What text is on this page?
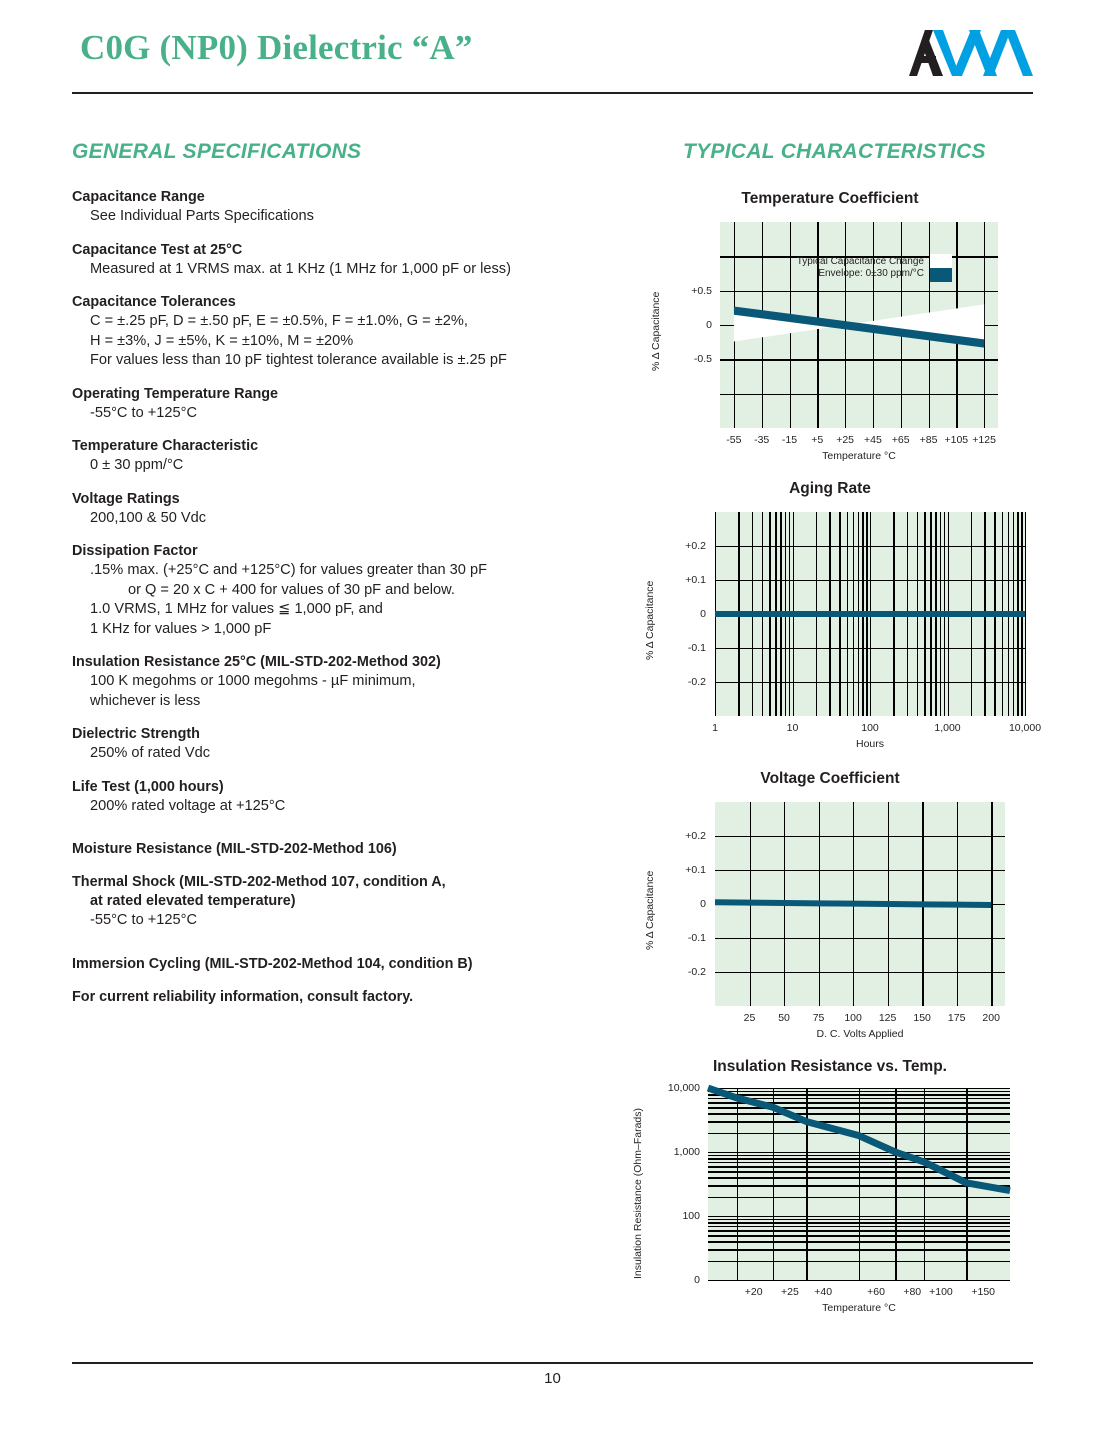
C0G (NP0) Dielectric “A”
GENERAL SPECIFICATIONS	TYPICAL CHARACTERISTICS
Capacitance Range
See Individual Parts Specifications
Capacitance Test at 25°C
Measured at 1 VRMS max. at 1 KHz (1 MHz for 1,000 pF or less)
Capacitance Tolerances
C = ±.25 pF, D = ±.50 pF, E = ±0.5%, F = ±1.0%, G = ±2%,
H = ±3%, J = ±5%, K = ±10%, M = ±20%
For values less than 10 pF tightest tolerance available is ±.25 pF
Operating Temperature Range
-55°C to +125°C
Temperature Characteristic
0 ± 30 ppm/°C
Voltage Ratings
200,100 & 50 Vdc
Dissipation Factor
.15% max. (+25°C and +125°C) for values greater than 30 pF
or Q = 20 x C + 400 for values of 30 pF and below.
1.0 VRMS, 1 MHz for values ≦ 1,000 pF, and
1 KHz for values > 1,000 pF
Insulation Resistance 25°C (MIL-STD-202-Method 302)
100 K megohms or 1000 megohms - µF minimum,
whichever is less
Dielectric Strength
250% of rated Vdc
Life Test (1,000 hours)
200% rated voltage at +125°C
Moisture Resistance (MIL-STD-202-Method 106)
Thermal Shock (MIL-STD-202-Method 107, condition A,
at rated elevated temperature)
-55°C to +125°C
Immersion Cycling (MIL-STD-202-Method 104, condition B)
For current reliability information, consult factory.
Temperature Coefficient
% Δ Capacitance
Temperature °C
Typical Capacitance Change
Envelope: 0±30 ppm/°C
+0.5
0
-0.5
-55 -35 -15 +5 +25 +45 +65 +85 +105 +125
Aging Rate
% Δ Capacitance
Hours
+0.2
+0.1
0
-0.1
-0.2
1	10	100	1,000	10,000
Voltage Coefficient
% Δ Capacitance
D. C. Volts Applied
+0.2
+0.1
0
-0.1
-0.2
25 50 75 100 125 150 175 200
Insulation Resistance vs. Temp.
Insulation Resistance (Ohm–Farads)
Temperature °C
10,000
1,000
100
0
+20 +25 +40	+60 +80 +100 +150
10
